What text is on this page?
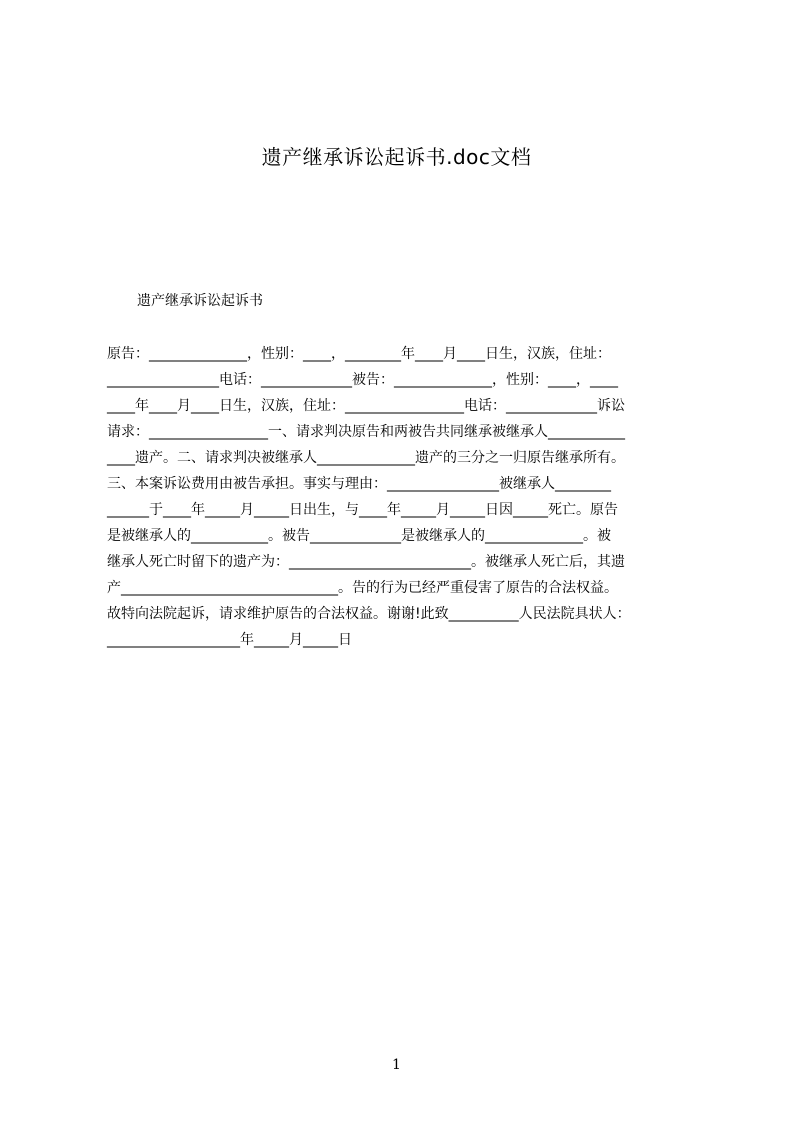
遗产继承诉讼起诉书.doc文档
遗产继承诉讼起诉书
原告：______________，性别：____，________年____月____日生，汉族，住址：
________________电话：_____________被告：______________，性别：____，____
____年____月____日生，汉族，住址：_________________电话：_____________诉讼
请求：_________________一、请求判决原告和两被告共同继承被继承人___________
____遗产。二、请求判决被继承人______________遗产的三分之一归原告继承所有。
三、本案诉讼费用由被告承担。事实与理由：________________被继承人________
______于____年_____月_____日出生，与____年_____月_____日因_____死亡。原告
是被继承人的___________。被告_____________是被继承人的______________。被
继承人死亡时留下的遗产为：__________________________。被继承人死亡后，其遗
产_______________________________。告的行为已经严重侵害了原告的合法权益。
故特向法院起诉，请求维护原告的合法权益。谢谢!此致__________人民法院具状人：
___________________年_____月_____日
1
